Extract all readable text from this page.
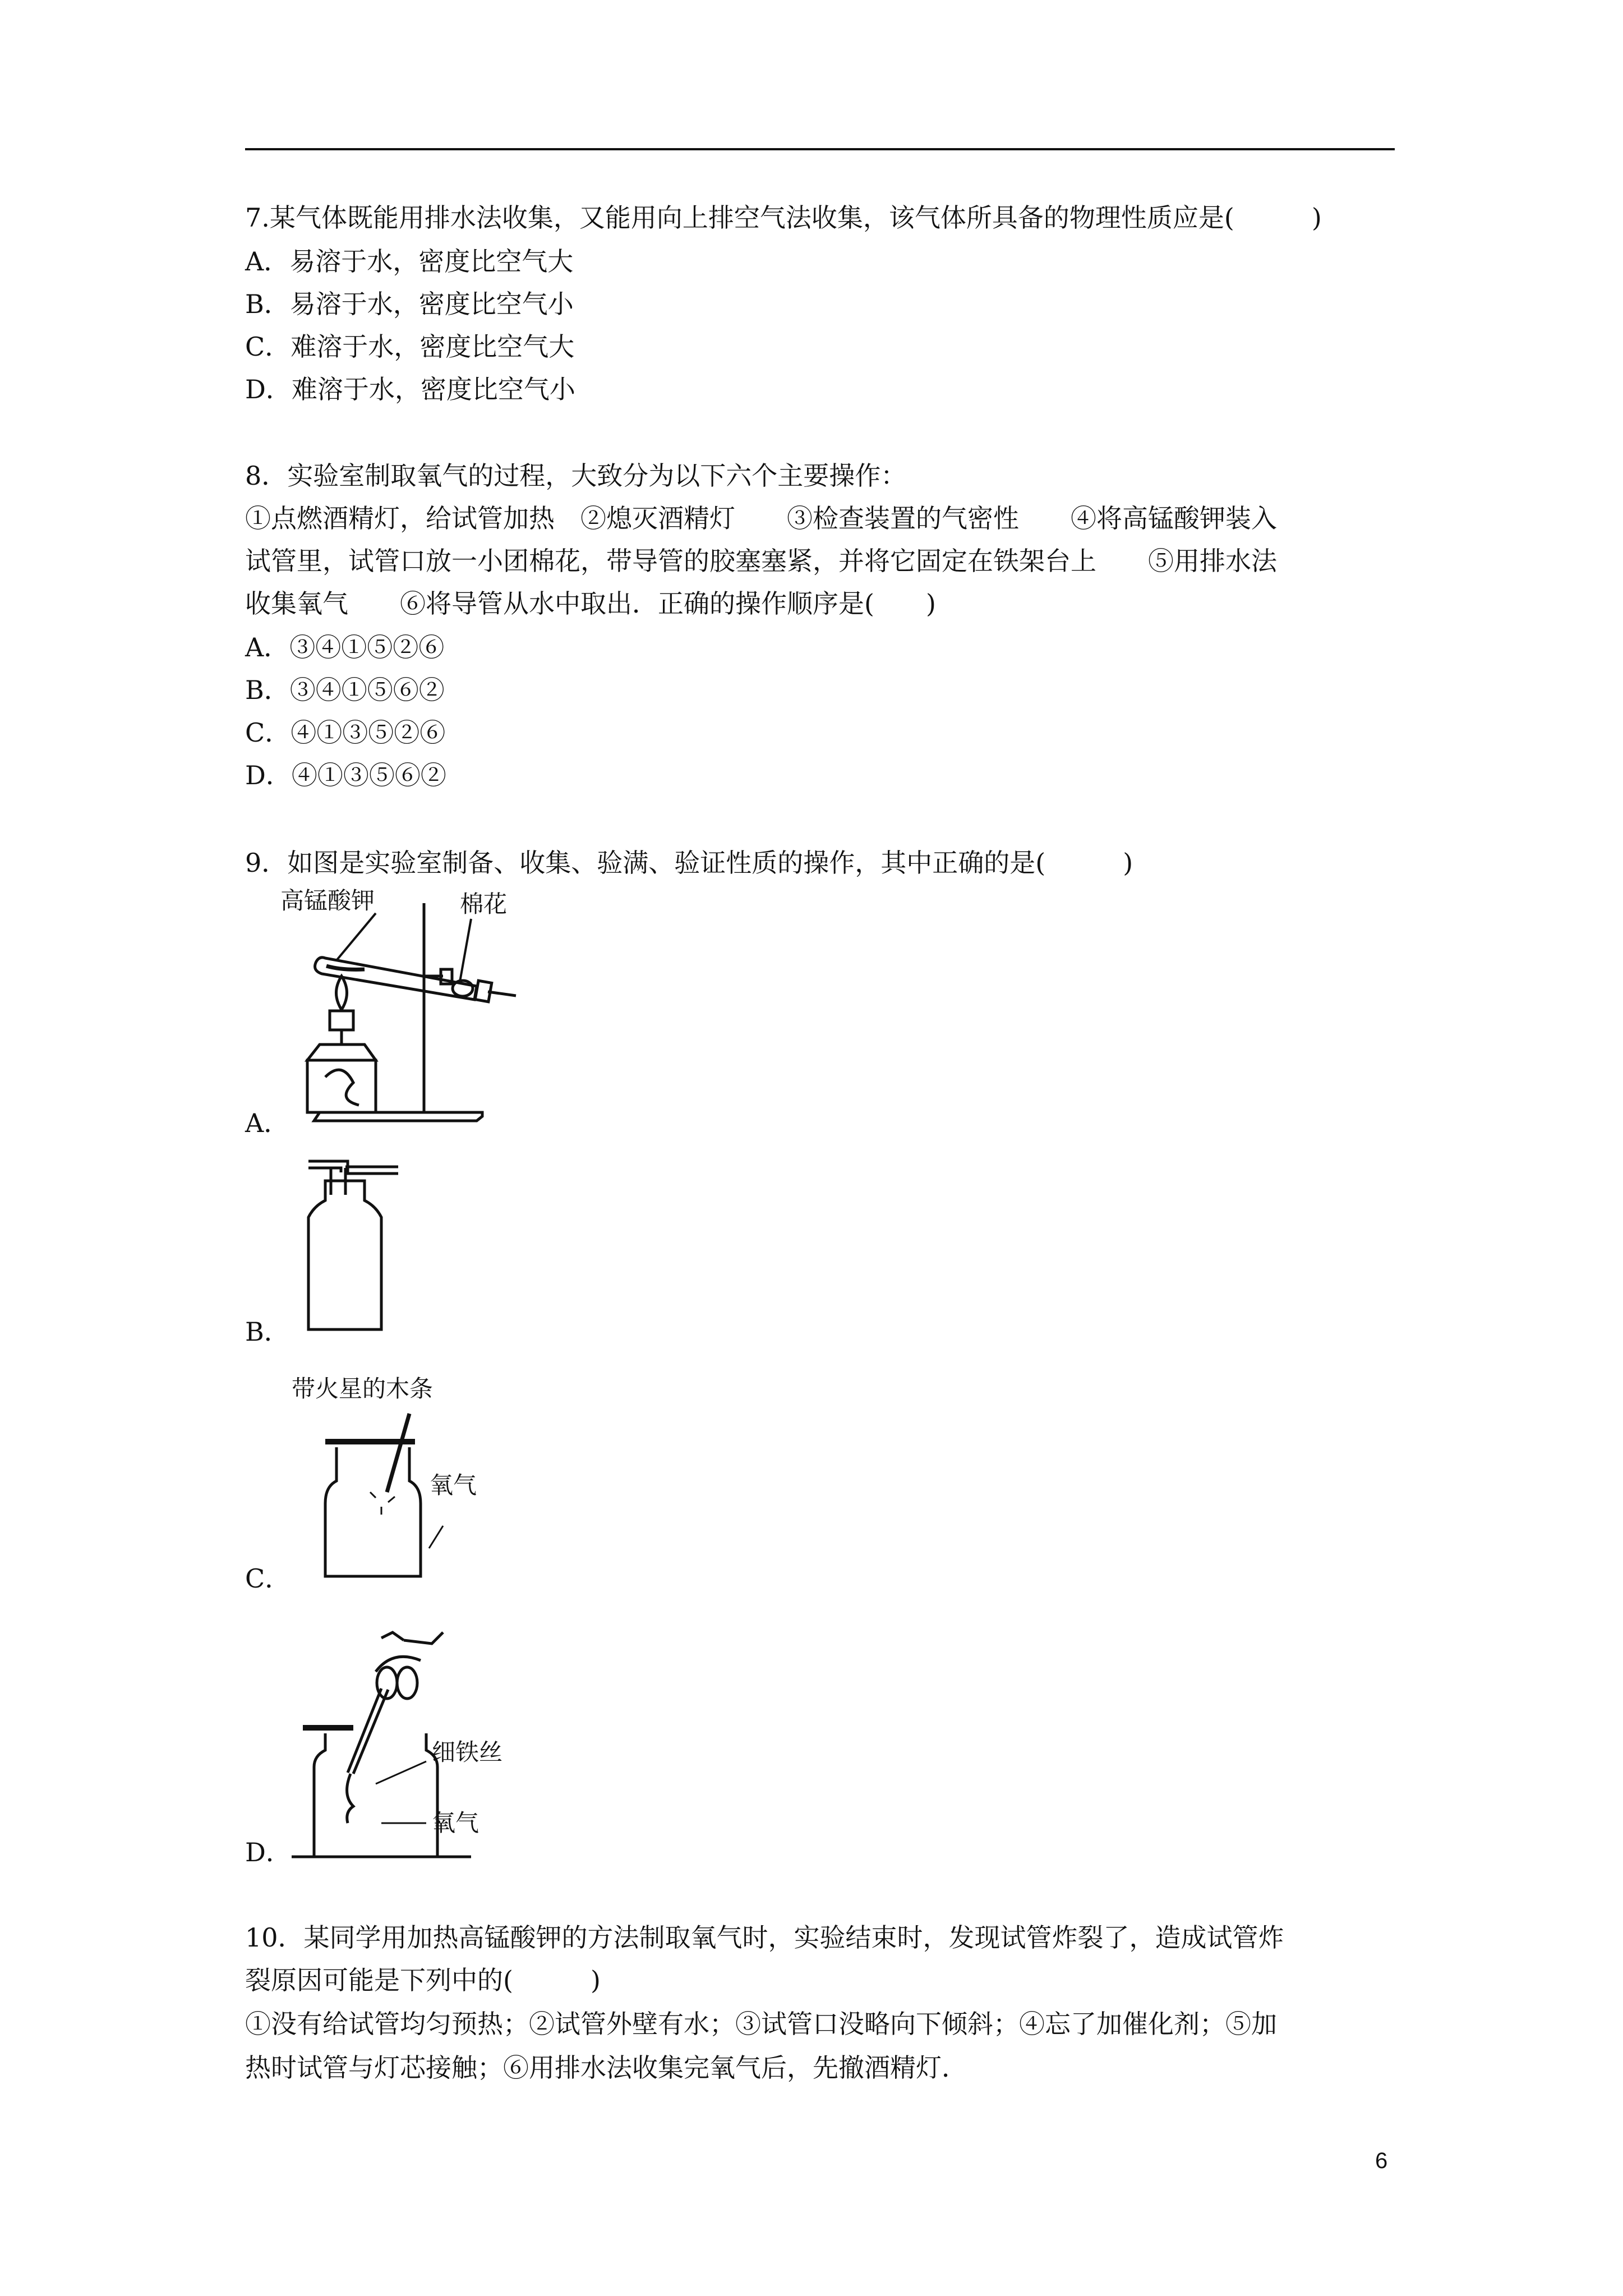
7.某气体既能用排水法收集，又能用向上排空气法收集，该气体所具备的物理性质应是(　　　)
A．易溶于水，密度比空气大
B．易溶于水，密度比空气小
C．难溶于水，密度比空气大
D．难溶于水，密度比空气小
8．实验室制取氧气的过程，大致分为以下六个主要操作：
①点燃酒精灯，给试管加热　②熄灭酒精灯　　③检查装置的气密性　　④将高锰酸钾装入
试管里，试管口放一小团棉花，带导管的胶塞塞紧，并将它固定在铁架台上　　⑤用排水法
收集氧气　　⑥将导管从水中取出．正确的操作顺序是(　　)
A．③④①⑤②⑥
B．③④①⑤⑥②
C．④①③⑤②⑥
D．④①③⑤⑥②
9．如图是实验室制备、收集、验满、验证性质的操作，其中正确的是(　　　)
高锰酸钾	棉花
A．
B．
带火星的木条
氧气
C．
细铁丝
氧气
D．
10．某同学用加热高锰酸钾的方法制取氧气时，实验结束时，发现试管炸裂了，造成试管炸
裂原因可能是下列中的(　　　)
①没有给试管均匀预热；②试管外壁有水；③试管口没略向下倾斜；④忘了加催化剂；⑤加
热时试管与灯芯接触；⑥用排水法收集完氧气后，先撤酒精灯．
6
